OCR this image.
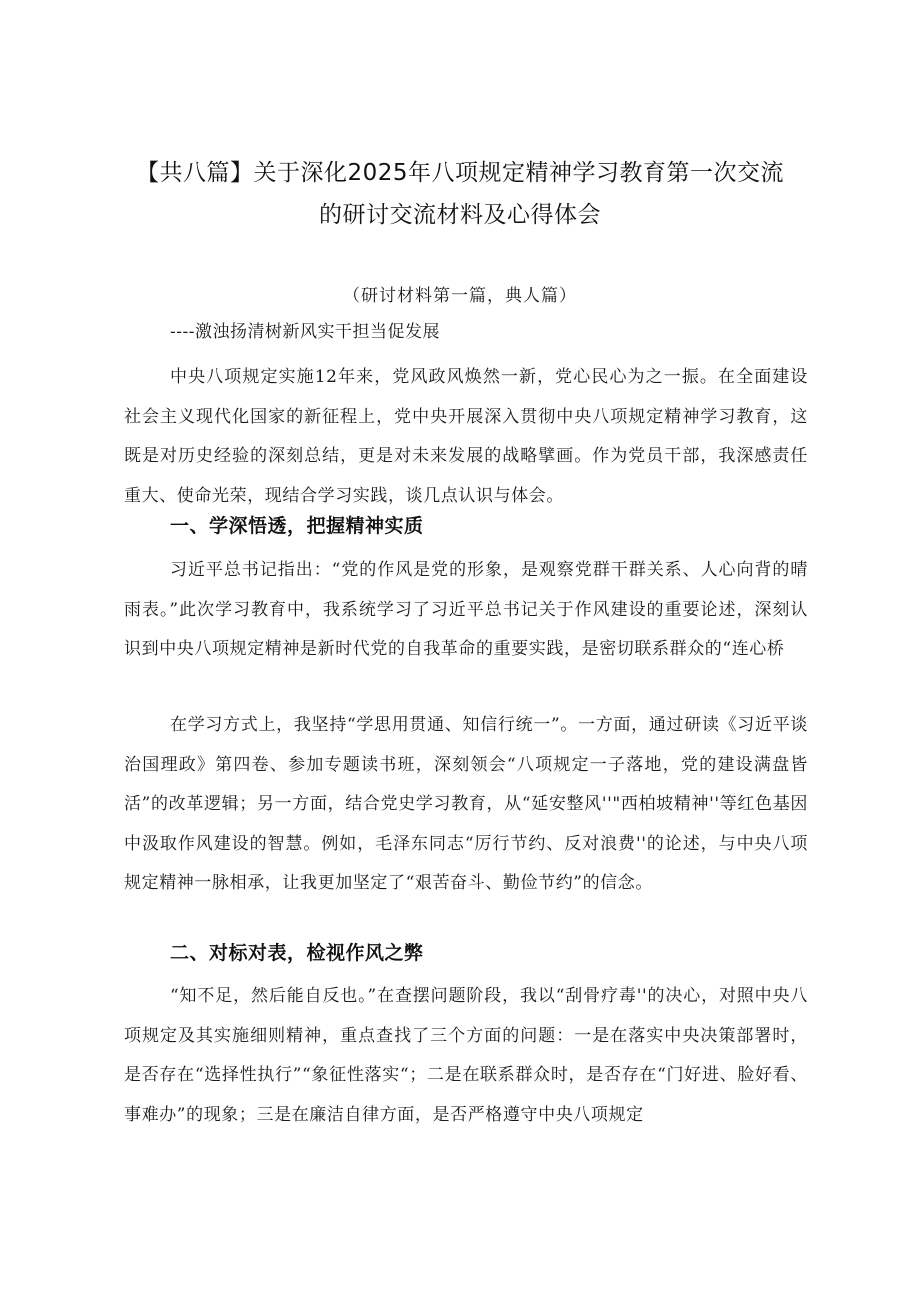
【共八篇】关于深化2025年八项规定精神学习教育第一次交流
的研讨交流材料及心得体会
（研讨材料第一篇，典人篇）
----激浊扬清树新风实干担当促发展

中央八项规定实施12年来，党风政风焕然一新，党心民心为之一振。在全面建设社会主义现代化国家的新征程上，党中央开展深入贯彻中央八项规定精神学习教育，这既是对历史经验的深刻总结，更是对未来发展的战略擘画。作为党员干部，我深感责任重大、使命光荣，现结合学习实践，谈几点认识与体会。

一、学深悟透，把握精神实质

习近平总书记指出：“党的作风是党的形象，是观察党群干群关系、人心向背的晴雨表。”此次学习教育中，我系统学习了习近平总书记关于作风建设的重要论述，深刻认识到中央八项规定精神是新时代党的自我革命的重要实践，是密切联系群众的“连心桥

在学习方式上，我坚持“学思用贯通、知信行统一”。一方面，通过研读《习近平谈治国理政》第四卷、参加专题读书班，深刻领会“八项规定一子落地，党的建设满盘皆活”的改革逻辑；另一方面，结合党史学习教育，从“延安整风''"西柏坡精神''等红色基因中汲取作风建设的智慧。例如，毛泽东同志“厉行节约、反对浪费''的论述，与中央八项规定精神一脉相承，让我更加坚定了“艰苦奋斗、勤俭节约”的信念。

二、对标对表，检视作风之弊

“知不足，然后能自反也。”在查摆问题阶段，我以“刮骨疗毒''的决心，对照中央八项规定及其实施细则精神，重点查找了三个方面的问题：一是在落实中央决策部署时，是否存在“选择性执行”“象征性落实“；二是在联系群众时，是否存在“门好进、脸好看、事难办”的现象；三是在廉洁自律方面，是否严格遵守中央八项规定
